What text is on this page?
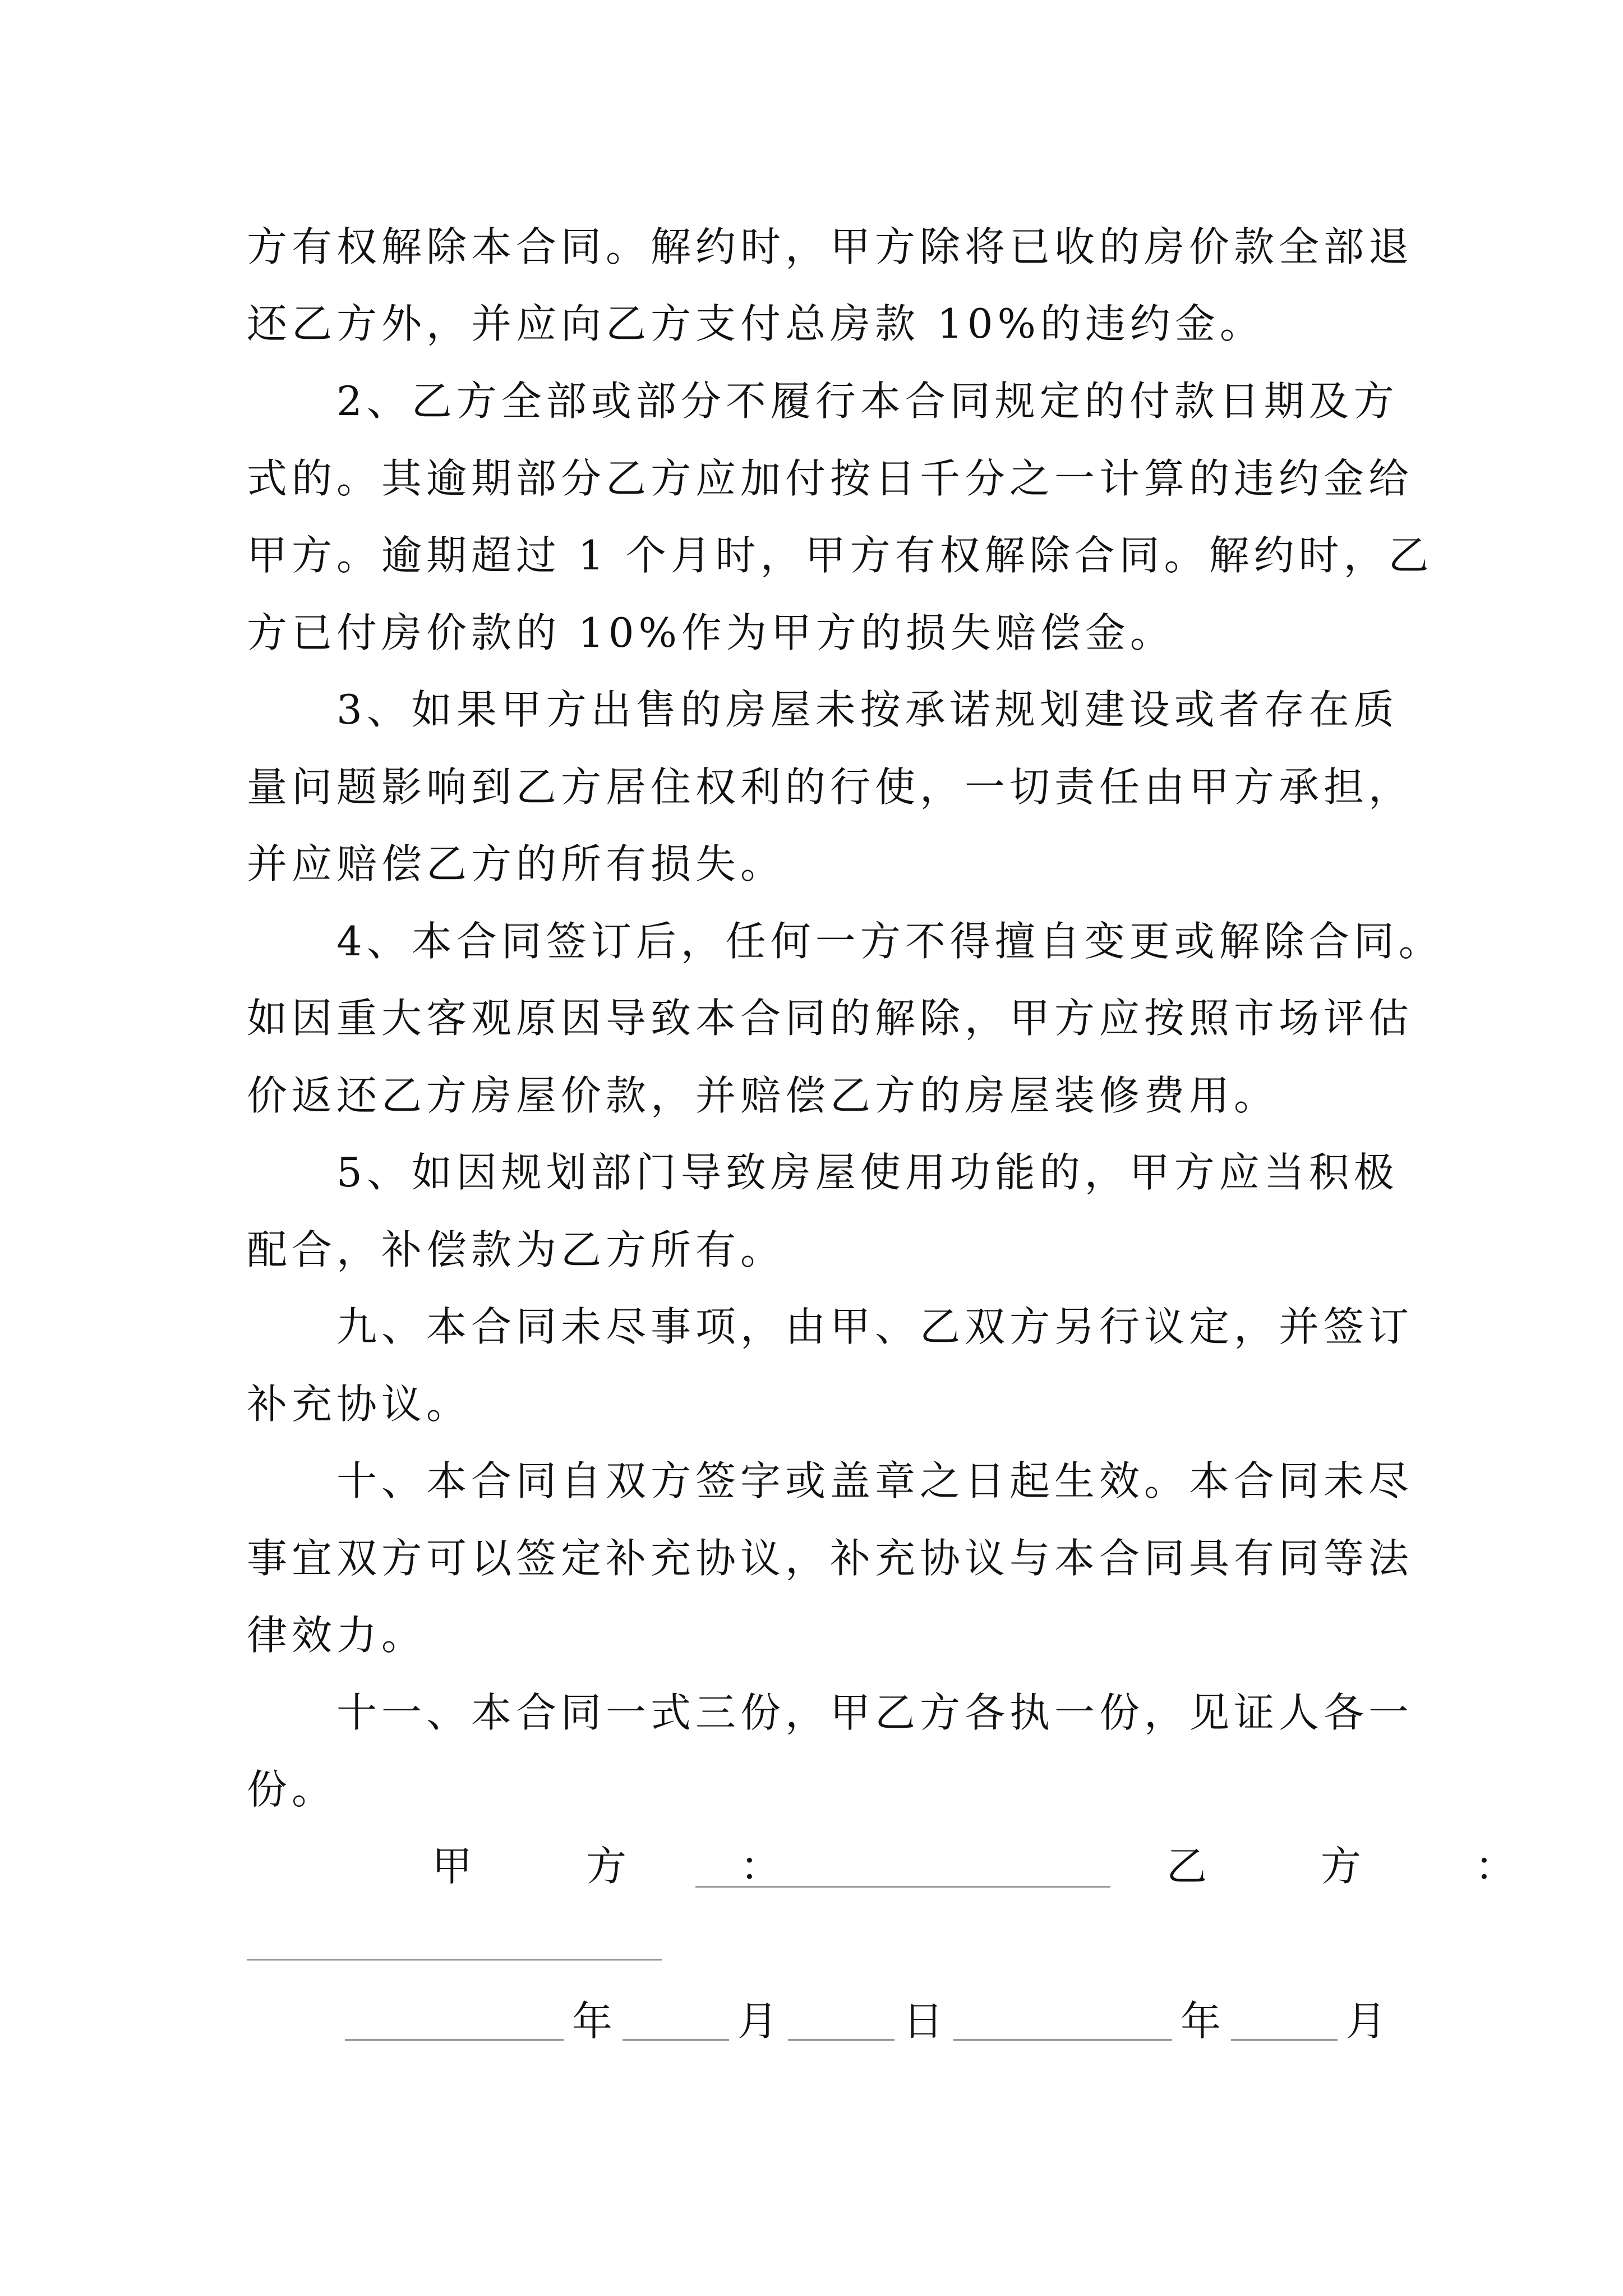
方有权解除本合同。解约时，甲方除将已收的房价款全部退
还乙方外，并应向乙方支付总房款 10%的违约金。
2、乙方全部或部分不履行本合同规定的付款日期及方
式的。其逾期部分乙方应加付按日千分之一计算的违约金给
甲方。逾期超过 1 个月时，甲方有权解除合同。解约时，乙
方已付房价款的 10%作为甲方的损失赔偿金。
3、如果甲方出售的房屋未按承诺规划建设或者存在质
量问题影响到乙方居住权利的行使，一切责任由甲方承担，
并应赔偿乙方的所有损失。
4、本合同签订后，任何一方不得擅自变更或解除合同。
如因重大客观原因导致本合同的解除，甲方应按照市场评估
价返还乙方房屋价款，并赔偿乙方的房屋装修费用。
5、如因规划部门导致房屋使用功能的，甲方应当积极
配合，补偿款为乙方所有。
九、本合同未尽事项，由甲、乙双方另行议定，并签订
补充协议。
十、本合同自双方签字或盖章之日起生效。本合同未尽
事宜双方可以签定补充协议，补充协议与本合同具有同等法
律效力。
十一、本合同一式三份，甲乙方各执一份，见证人各一
份。
甲 方 ：	乙 方 ：
年	月	日	年	月
